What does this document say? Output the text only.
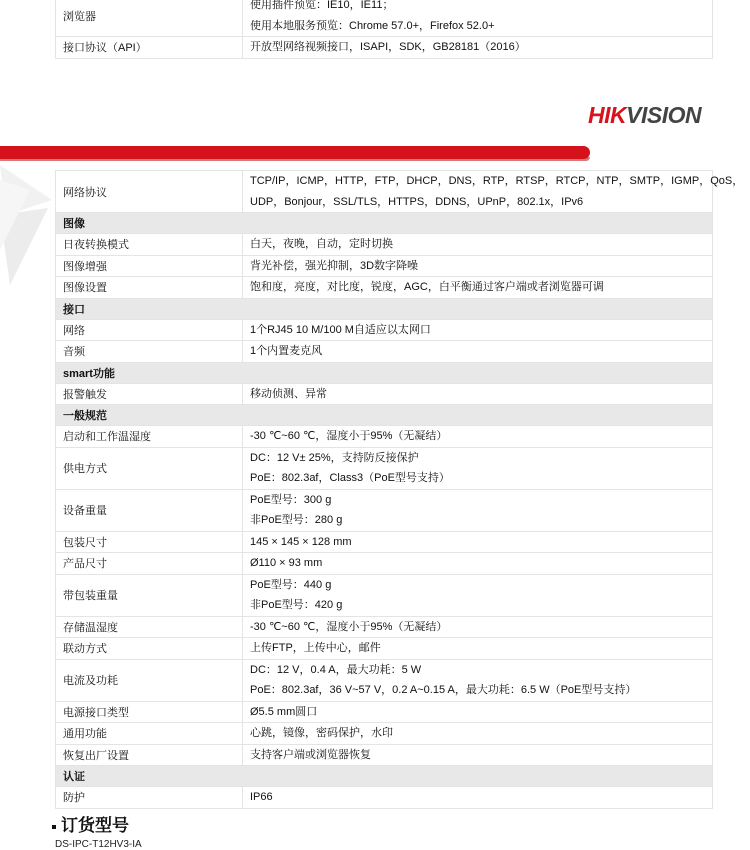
浏览器	使用插件预览：IE10，IE11；
使用本地服务预览：Chrome 57.0+，Firefox 52.0+

接口协议（API）	开放型网络视频接口，ISAPI，SDK，GB28181（2016）
HIKVISION
网络协议	TCP/IP，ICMP，HTTP，FTP，DHCP，DNS，RTP，RTSP，RTCP，NTP，SMTP，IGMP，QoS，
UDP，Bonjour，SSL/TLS，HTTPS，DDNS，UPnP，802.1x，IPv6

图像	
日夜转换模式	白天，夜晚，自动，定时切换

图像增强	背光补偿，强光抑制，3D数字降噪

图像设置	饱和度，亮度，对比度，锐度，AGC，白平衡通过客户端或者浏览器可调

接口	
网络	1个RJ45 10 M/100 M自适应以太网口

音频	1个内置麦克风

smart功能	
报警触发	移动侦测、异常

一般规范	
启动和工作温湿度	-30 ℃~60 ℃，湿度小于95%（无凝结）

供电方式	DC：12 V± 25%，支持防反接保护
PoE：802.3af，Class3（PoE型号支持）

设备重量	PoE型号：300 g
非PoE型号：280 g

包装尺寸	145 × 145 × 128 mm

产品尺寸	Ø110 × 93 mm

带包装重量	PoE型号：440 g
非PoE型号：420 g

存储温湿度	-30 ℃~60 ℃，湿度小于95%（无凝结）

联动方式	上传FTP，上传中心，邮件

电流及功耗	DC：12 V，0.4 A，最大功耗：5 W
PoE：802.3af，36 V~57 V，0.2 A~0.15 A，最大功耗：6.5 W（PoE型号支持）

电源接口类型	Ø5.5 mm圆口

通用功能	心跳，镜像，密码保护，水印

恢复出厂设置	支持客户端或浏览器恢复

认证	
防护	IP66
订货型号
DS-IPC-T12HV3-IA
